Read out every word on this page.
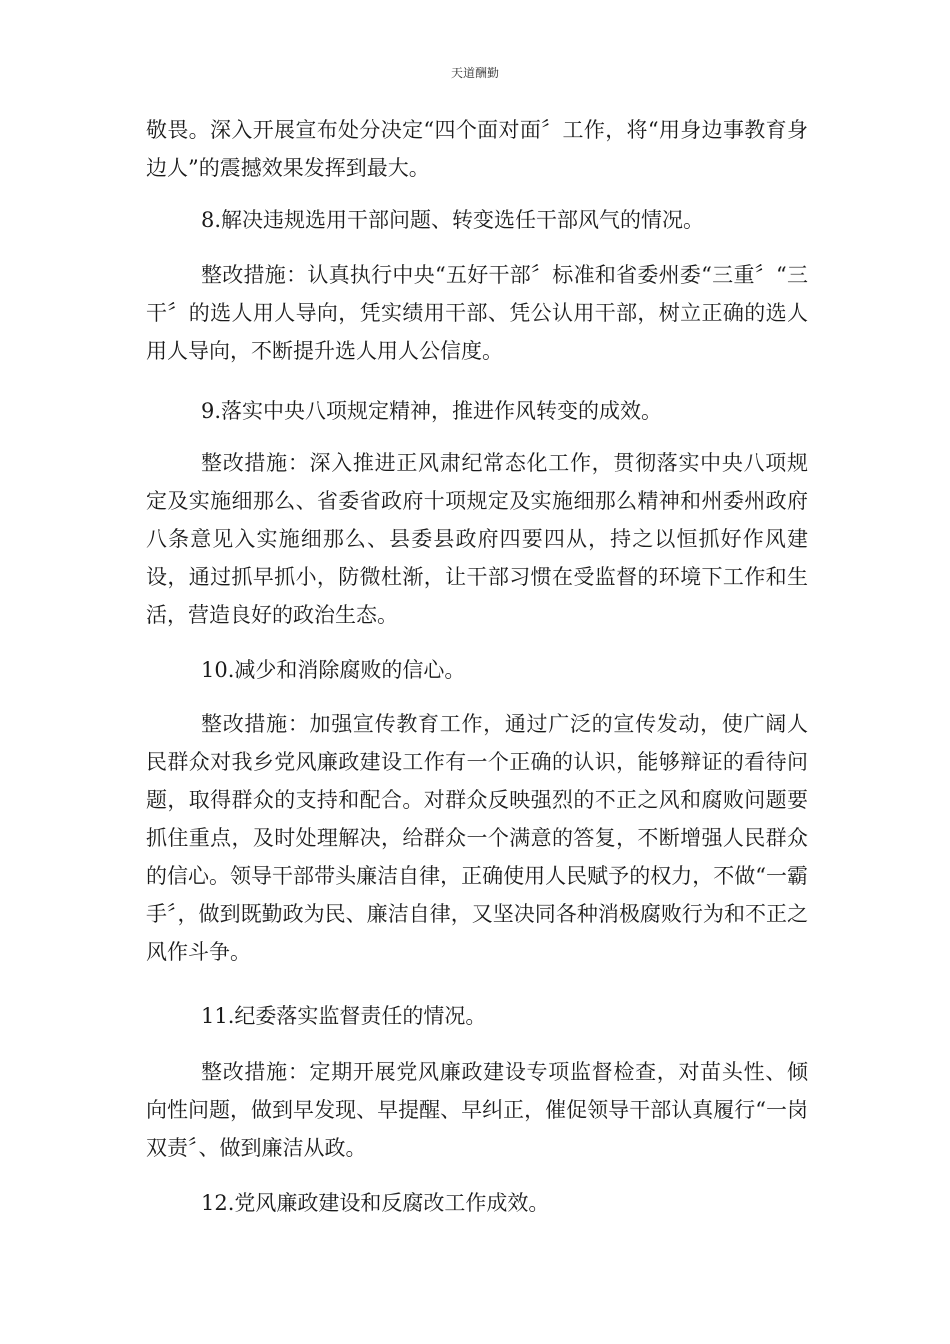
天道酬勤

敬畏。深入开展宣布处分决定“四个面对面〞工作，将“用身边事教育身边人”的震撼效果发挥到最大。

8.解决违规选用干部问题、转变选任干部风气的情况。

整改措施：认真执行中央“五好干部〞标准和省委州委“三重〞“三干〞的选人用人导向，凭实绩用干部、凭公认用干部，树立正确的选人用人导向，不断提升选人用人公信度。

9.落实中央八项规定精神，推进作风转变的成效。

整改措施：深入推进正风肃纪常态化工作，贯彻落实中央八项规定及实施细那么、省委省政府十项规定及实施细那么精神和州委州政府八条意见入实施细那么、县委县政府四要四从，持之以恒抓好作风建设，通过抓早抓小，防微杜渐，让干部习惯在受监督的环境下工作和生活，营造良好的政治生态。

10.减少和消除腐败的信心。

整改措施：加强宣传教育工作，通过广泛的宣传发动，使广阔人民群众对我乡党风廉政建设工作有一个正确的认识，能够辩证的看待问题，取得群众的支持和配合。对群众反映强烈的不正之风和腐败问题要抓住重点，及时处理解决，给群众一个满意的答复，不断增强人民群众的信心。领导干部带头廉洁自律，正确使用人民赋予的权力，不做“一霸手〞，做到既勤政为民、廉洁自律，又坚决同各种消极腐败行为和不正之风作斗争。

11.纪委落实监督责任的情况。

整改措施：定期开展党风廉政建设专项监督检查，对苗头性、倾向性问题，做到早发现、早提醒、早纠正，催促领导干部认真履行“一岗双责〞、做到廉洁从政。

12.党风廉政建设和反腐改工作成效。
